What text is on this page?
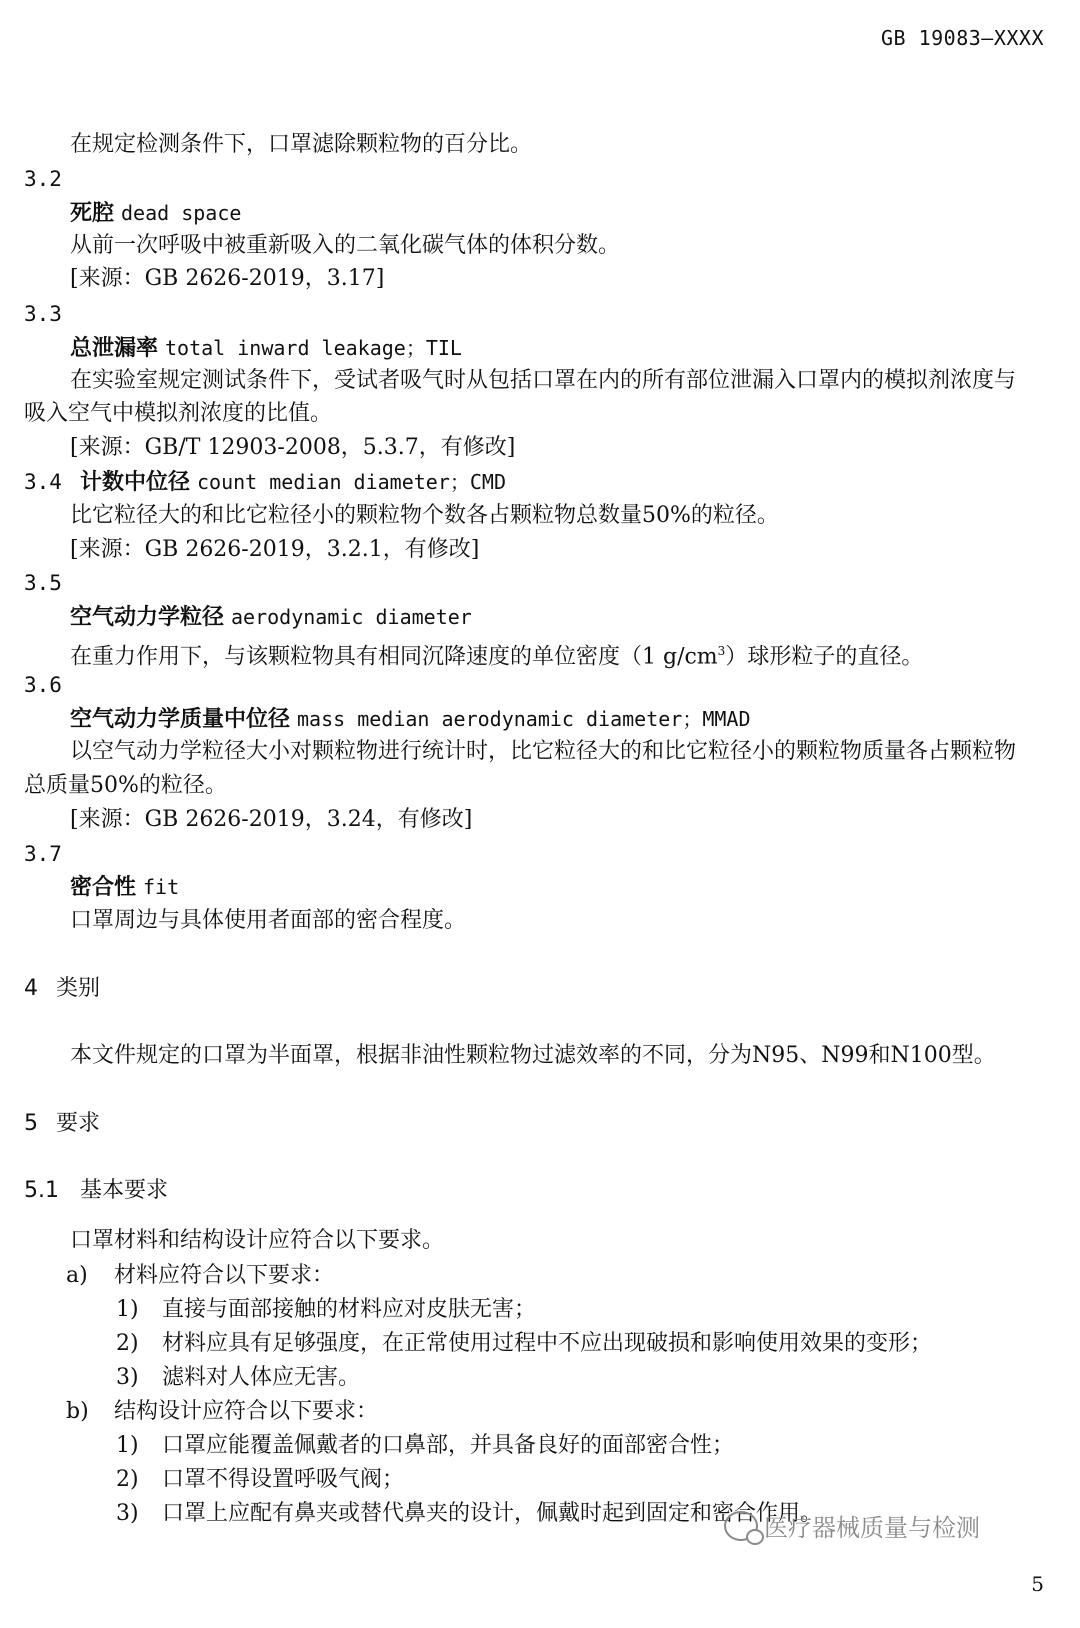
GB 19083—XXXX
在规定检测条件下，口罩滤除颗粒物的百分比。
3.2
死腔 dead space
从前一次呼吸中被重新吸入的二氧化碳气体的体积分数。
[来源：GB 2626-2019，3.17]
3.3
总泄漏率 total inward leakage；TIL
在实验室规定测试条件下，受试者吸气时从包括口罩在内的所有部位泄漏入口罩内的模拟剂浓度与
吸入空气中模拟剂浓度的比值。
[来源：GB/T 12903-2008，5.3.7，有修改]
3.4 计数中位径 count median diameter；CMD
比它粒径大的和比它粒径小的颗粒物个数各占颗粒物总数量50%的粒径。
[来源：GB 2626-2019，3.2.1，有修改]
3.5
空气动力学粒径 aerodynamic diameter
在重力作用下，与该颗粒物具有相同沉降速度的单位密度（1 $g/cm^3$）球形粒子的直径。
3.6
空气动力学质量中位径 mass median aerodynamic diameter；MMAD
以空气动力学粒径大小对颗粒物进行统计时，比它粒径大的和比它粒径小的颗粒物质量各占颗粒物
总质量50%的粒径。
[来源：GB 2626-2019，3.24，有修改]
3.7
密合性 fit
口罩周边与具体使用者面部的密合程度。
4 类别
本文件规定的口罩为半面罩，根据非油性颗粒物过滤效率的不同，分为N95、N99和N100型。
5 要求
5.1 基本要求
口罩材料和结构设计应符合以下要求。
a) 材料应符合以下要求：
1) 直接与面部接触的材料应对皮肤无害；
2) 材料应具有足够强度，在正常使用过程中不应出现破损和影响使用效果的变形；
3) 滤料对人体应无害。
b) 结构设计应符合以下要求：
1) 口罩应能覆盖佩戴者的口鼻部，并具备良好的面部密合性；
2) 口罩不得设置呼吸气阀；
3) 口罩上应配有鼻夹或替代鼻夹的设计，佩戴时起到固定和密合作用。
医疗器械质量与检测
5
